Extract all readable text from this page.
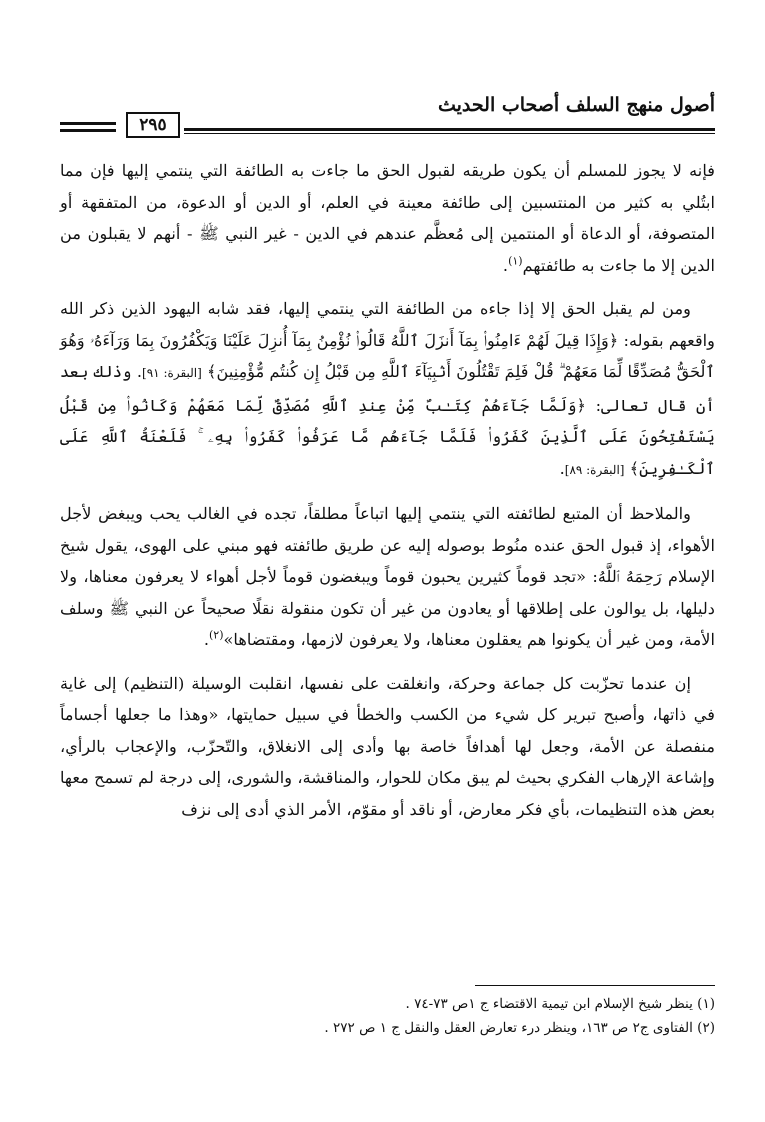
أصول منهج السلف أصحاب الحديث
٢٩٥

فإنه لا يجوز للمسلم أن يكون طريقه لقبول الحق ما جاءت به الطائفة التي ينتمي إليها فإن مما ابتُلي به كثير من المنتسبين إلى طائفة معينة في العلم، أو الدين أو الدعوة، من المتفقهة أو المتصوفة، أو الدعاة أو المنتمين إلى مُعظَّم عندهم في الدين - غير النبي ﷺ - أنهم لا يقبلون من الدين إلا ما جاءت به طائفتهم$^{(١)}$.

ومن لم يقبل الحق إلا إذا جاءه من الطائفة التي ينتمي إليها، فقد شابه اليهود الذين ذكر الله واقعهم بقوله: ﴿وَإِذَا قِيلَ لَهُمْ ءَامِنُوا۟ بِمَآ أَنزَلَ ٱللَّهُ قَالُوا۟ نُؤْمِنُ بِمَآ أُنزِلَ عَلَيْنَا وَيَكْفُرُونَ بِمَا وَرَآءَهُۥ وَهُوَ ٱلْحَقُّ مُصَدِّقًا لِّمَا مَعَهُمْ ۗ قُلْ فَلِمَ تَقْتُلُونَ أَنۢبِيَآءَ ٱللَّهِ مِن قَبْلُ إِن كُنتُم مُّؤْمِنِينَ﴾ [البقرة: ٩١]. وذلك بعد أن قال تعالى: ﴿وَلَمَّا جَآءَهُمْ كِتَـٰبٌ مِّنْ عِندِ ٱللَّهِ مُصَدِّقٌ لِّمَا مَعَهُمْ وَكَانُوا۟ مِن قَبْلُ يَسْتَفْتِحُونَ عَلَى ٱلَّذِينَ كَفَرُوا۟ فَلَمَّا جَآءَهُم مَّا عَرَفُوا۟ كَفَرُوا۟ بِهِۦ ۚ فَلَعْنَةُ ٱللَّهِ عَلَى ٱلْكَـٰفِرِينَ﴾ [البقرة: ٨٩].

والملاحظ أن المتبع لطائفته التي ينتمي إليها اتباعاً مطلقاً، تجده في الغالب يحب ويبغض لأجل الأهواء، إذ قبول الحق عنده منُوط بوصوله إليه عن طريق طائفته فهو مبني على الهوى، يقول شيخ الإسلام رَحِمَهُ ٱللَّهُ: «تجد قوماً كثيرين يحبون قوماً ويبغضون قوماً لأجل أهواء لا يعرفون معناها، ولا دليلها، بل يوالون على إطلاقها أو يعادون من غير أن تكون منقولة نقلًا صحيحاً عن النبي ﷺ وسلف الأمة، ومن غير أن يكونوا هم يعقلون معناها، ولا يعرفون لازمها، ومقتضاها»$^{(٢)}$.

إن عندما تحزّبت كل جماعة وحركة، وانغلقت على نفسها، انقلبت الوسيلة (التنظيم) إلى غاية في ذاتها، وأصبح تبرير كل شيء من الكسب والخطأ في سبيل حمايتها، «وهذا ما جعلها أجساماً منفصلة عن الأمة، وجعل لها أهدافاً خاصة بها وأدى إلى الانغلاق، والتّحزّب، والإعجاب بالرأي، وإشاعة الإرهاب الفكري بحيث لم يبق مكان للحوار، والمناقشة، والشورى، إلى درجة لم تسمح معها بعض هذه التنظيمات، بأي فكر معارض، أو ناقد أو مقوّم، الأمر الذي أدى إلى نزف

(١) ينظر شيخ الإسلام ابن تيمية الاقتضاء ج ١ص ٧٣-٧٤ .
(٢) الفتاوى ج٢ ص ١٦٣، وينظر درء تعارض العقل والنقل ج ١ ص ٢٧٢ .
